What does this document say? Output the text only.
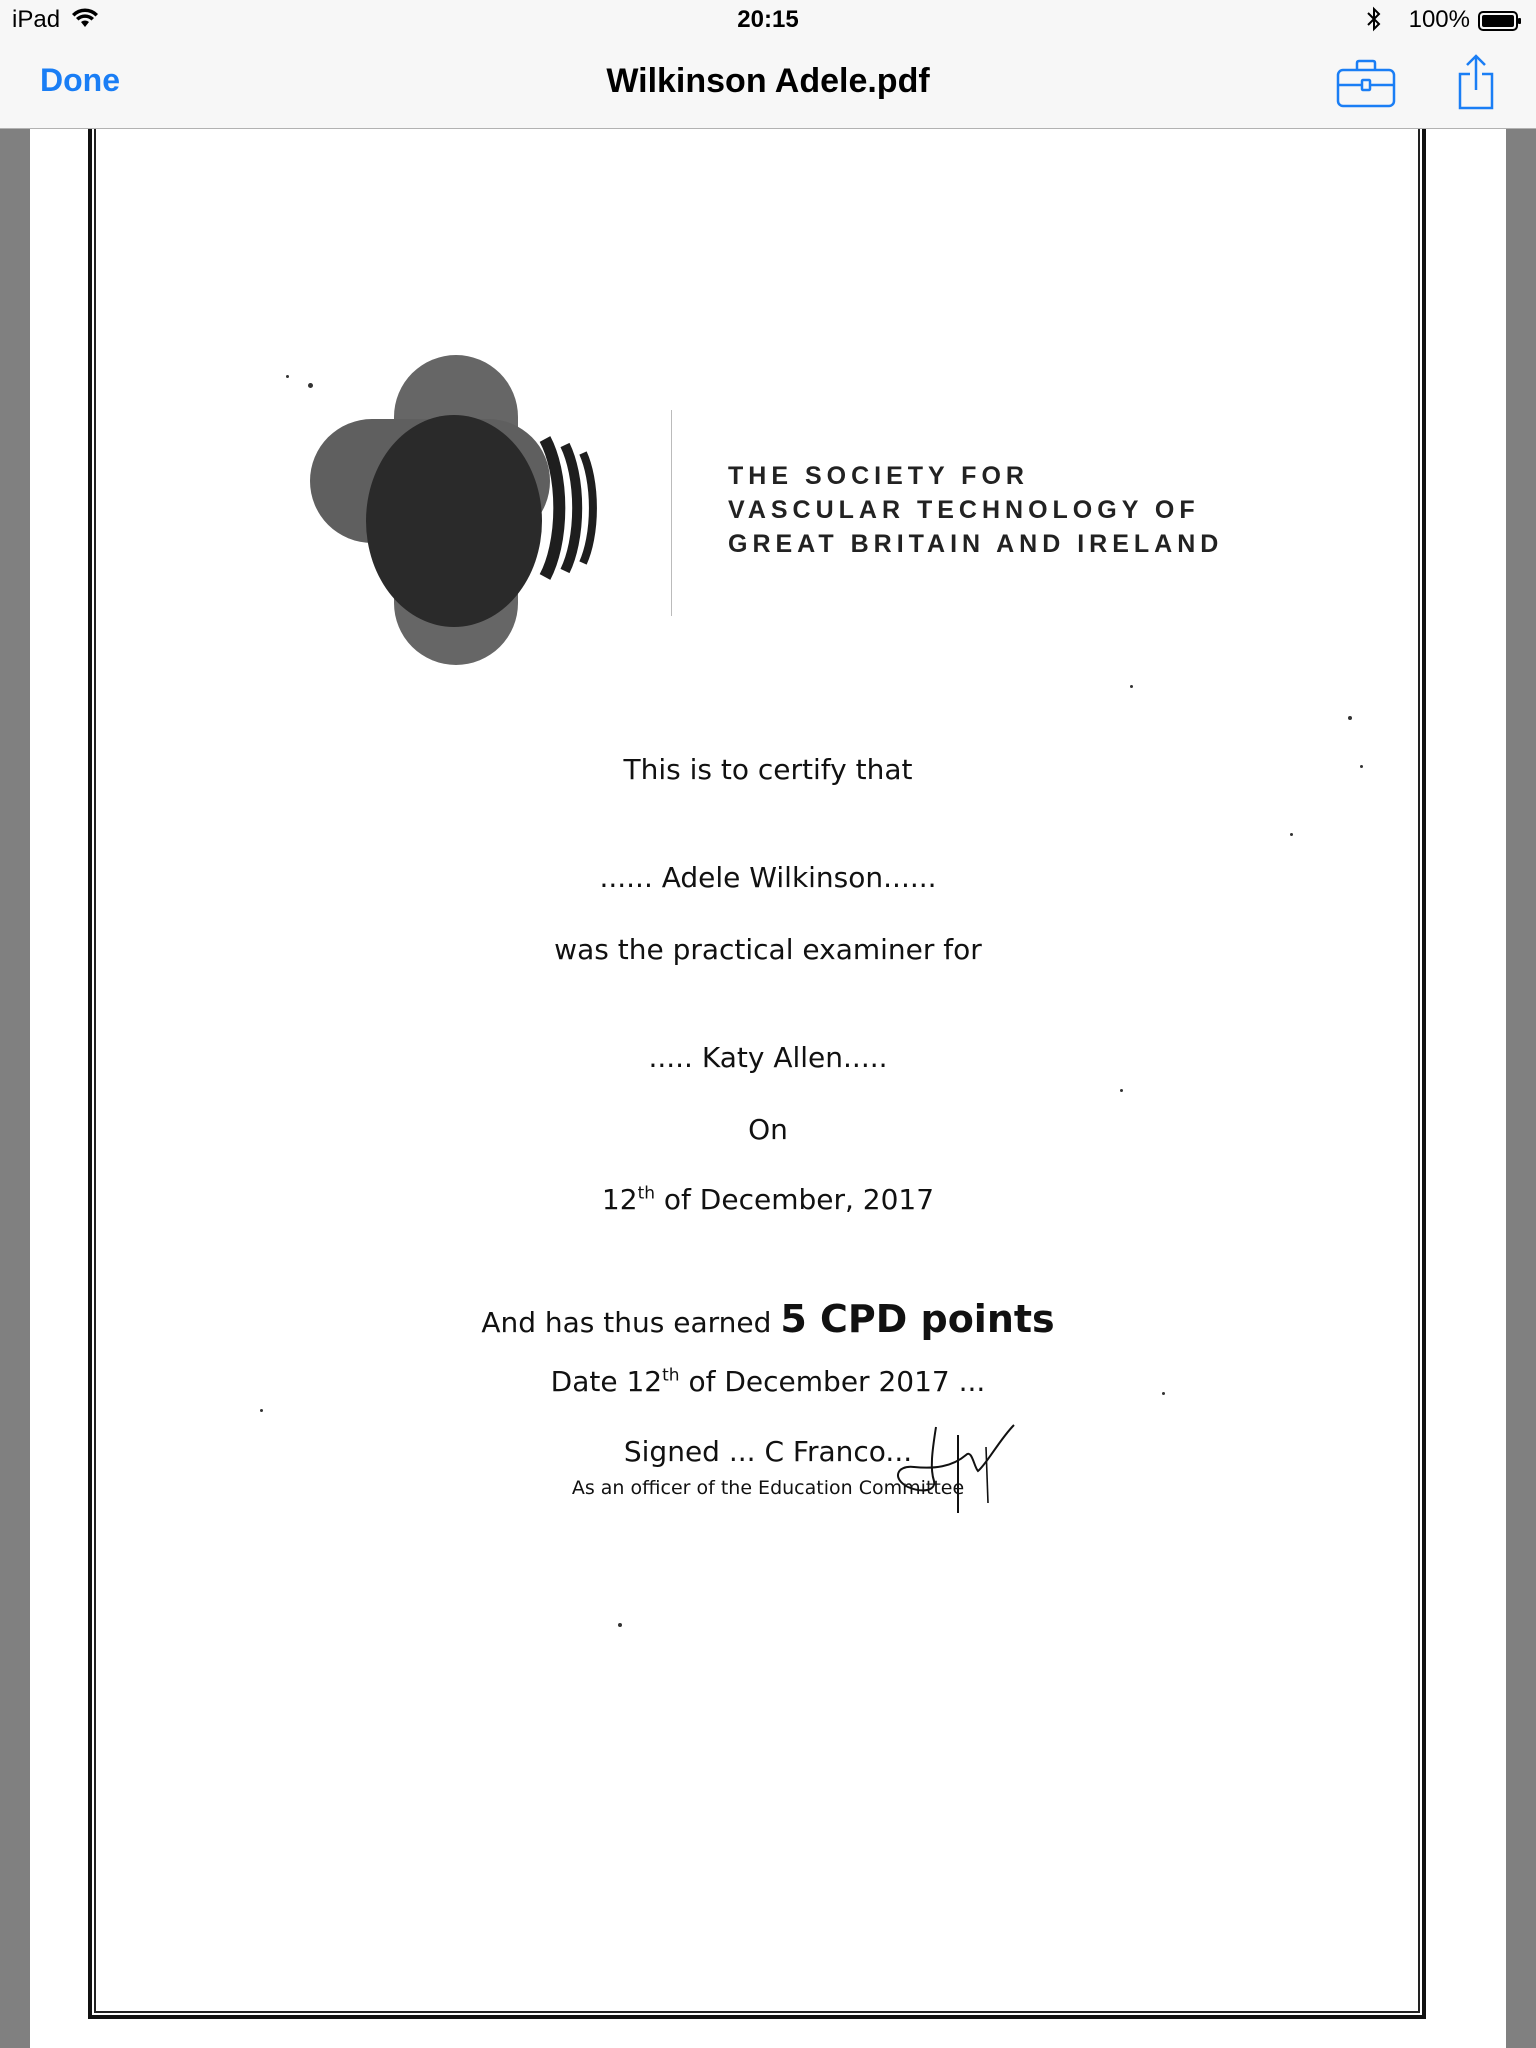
iPad	20:15	100%
Done	Wilkinson Adele.pdf
THE SOCIETY FOR
VASCULAR TECHNOLOGY OF
GREAT BRITAIN AND IRELAND
This is to certify that
...... Adele Wilkinson......
was the practical examiner for
..... Katy Allen.....
On
12th of December, 2017
And has thus earned 5 CPD points
Date 12th of December 2017 ...
Signed ... C Franco...
As an officer of the Education Committee
